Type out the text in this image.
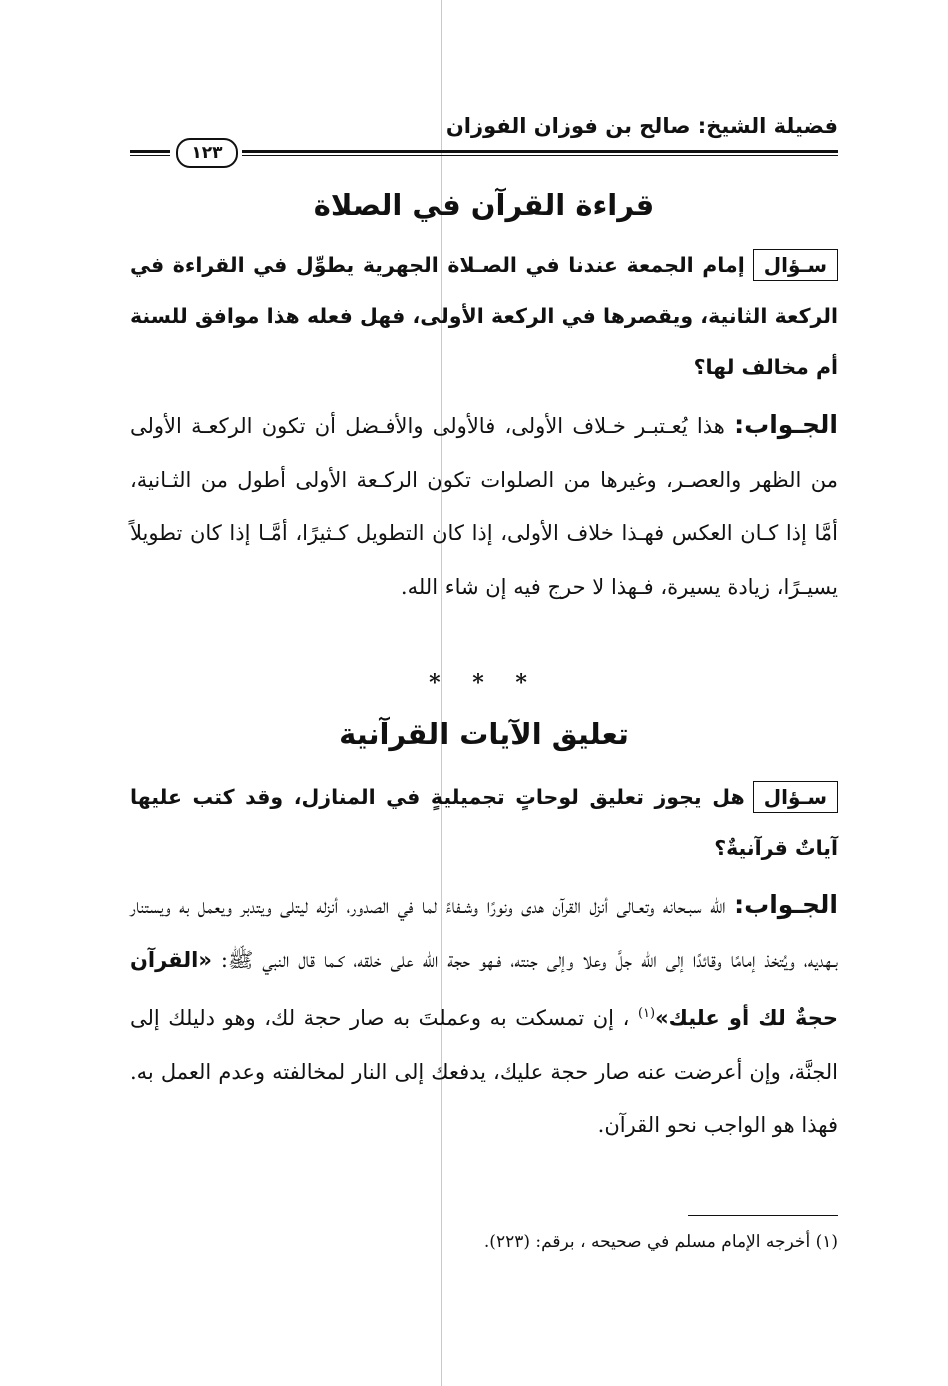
فضيلة الشيخ: صالح بن فوزان الفوزان
١٢٣
قراءة القرآن في الصلاة
سـؤالإمام الجمعة عندنا في الصـلاة الجهرية يطوِّل في القراءة في الركعة الثانية، ويقصرها في الركعة الأولى، فهل فعله هذا موافق للسنة أم مخالف لها؟
الجـواب: هذا يُعـتبـر خـلاف الأولى، فالأولى والأفـضل أن تكون الركعـة الأولى من الظهر والعصـر، وغيرها من الصلوات تكون الركـعة الأولى أطول من الثـانية، أمَّا إذا كـان العكس فهـذا خلاف الأولى، إذا كان التطويل كـثيرًا، أمَّـا إذا كان تطويلاً يسيـرًا، زيادة يسيرة، فـهذا لا حرج فيه إن شاء الله.
* * *
تعليق الآيات القرآنية
سـؤالهل يجوز تعليق لوحاتٍ تجميليةٍ في المنازل، وقد كتب عليها آياتٌ قرآنيةٌ؟
الجـواب: الله سبـحانه وتعـالى أنزل القرآن هدى ونورًا وشـفاءً لما في الصدور، أنزله ليتلى ويتدبر ويعمل به ويستنار بـهديه، ويُتخذ إمامًا وقائدًا إلى الله جلَّ وعلا وإلى جنته، فـهو حجة الله على خلقه، كـما قال النبي ﷺ: «القرآن حجةٌ لك أو عليك»$^{(١)}$ ، إن تمسكت به وعملتَ به صار حجة لك، وهو دليلك إلى الجنَّة، وإن أعرضت عنه صار حجة عليك، يدفعك إلى النار لمخالفته وعدم العمل به. فهذا هو الواجب نحو القرآن.
(١) أخرجه الإمام مسلم في صحيحه ، برقم: (٢٢٣).
